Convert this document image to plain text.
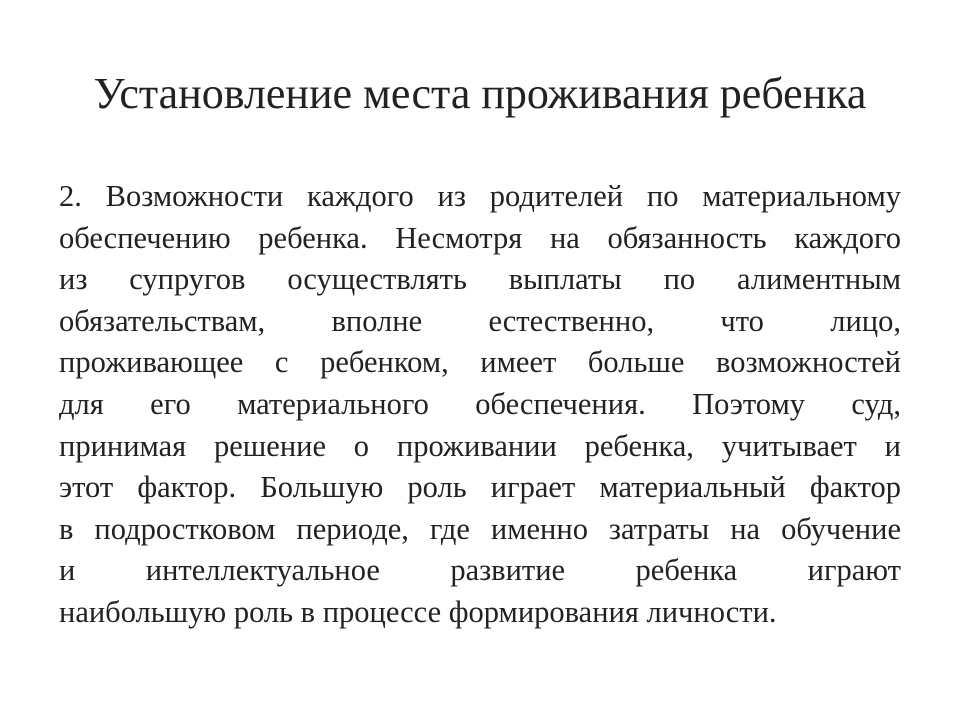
Установление места проживания ребенка
2. Возможности каждого из родителей по материальному
обеспечению ребенка. Несмотря на обязанность каждого
из супругов осуществлять выплаты по алиментным
обязательствам, вполне естественно, что лицо,
проживающее с ребенком, имеет больше возможностей
для его материального обеспечения. Поэтому суд,
принимая решение о проживании ребенка, учитывает и
этот фактор. Большую роль играет материальный фактор
в подростковом периоде, где именно затраты на обучение
и интеллектуальное развитие ребенка играют
наибольшую роль в процессе формирования личности.
